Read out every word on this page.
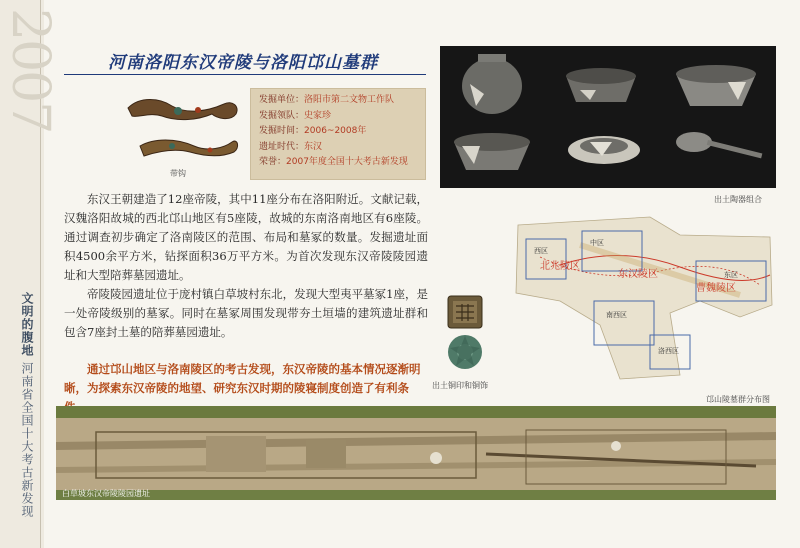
2007
文明的腹地 河南省全国十大考古新发现
河南洛阳东汉帝陵与洛阳邙山墓群
带钩
发掘单位：洛阳市第二文物工作队
发掘领队：史家珍
发掘时间：2006~2008年
遗址时代：东汉
荣誉：2007年度全国十大考古新发现
出土陶器组合

东汉王朝建造了12座帝陵，其中11座分布在洛阳附近。文献记载，汉魏洛阳故城的西北邙山地区有5座陵，故城的东南洛南地区有6座陵。通过调查初步确定了洛南陵区的范围、布局和墓冢的数量。发掘遗址面积4500余平方米，钻探面积36万平方米。为首次发现东汉帝陵陵园遗址和大型陪葬墓园遗址。

帝陵陵园遗址位于庞村镇白草坡村东北，发现大型夷平墓冢1座，是一处帝陵级别的墓冢。同时在墓冢周围发现带夯土垣墙的建筑遗址群和包含7座封土墓的陪葬墓园遗址。

通过邙山地区与洛南陵区的考古发现，东汉帝陵的基本情况逐渐明晰，为探索东汉帝陵的地望、研究东汉时期的陵寝制度创造了有利条	出土铜印和铜饰
西区
中区
东区
南西区
洛西区
北兆陵区
东汉陵区
曹魏陵区
邙山陵墓群分布图
白草坡东汉帝陵陵园遗址
